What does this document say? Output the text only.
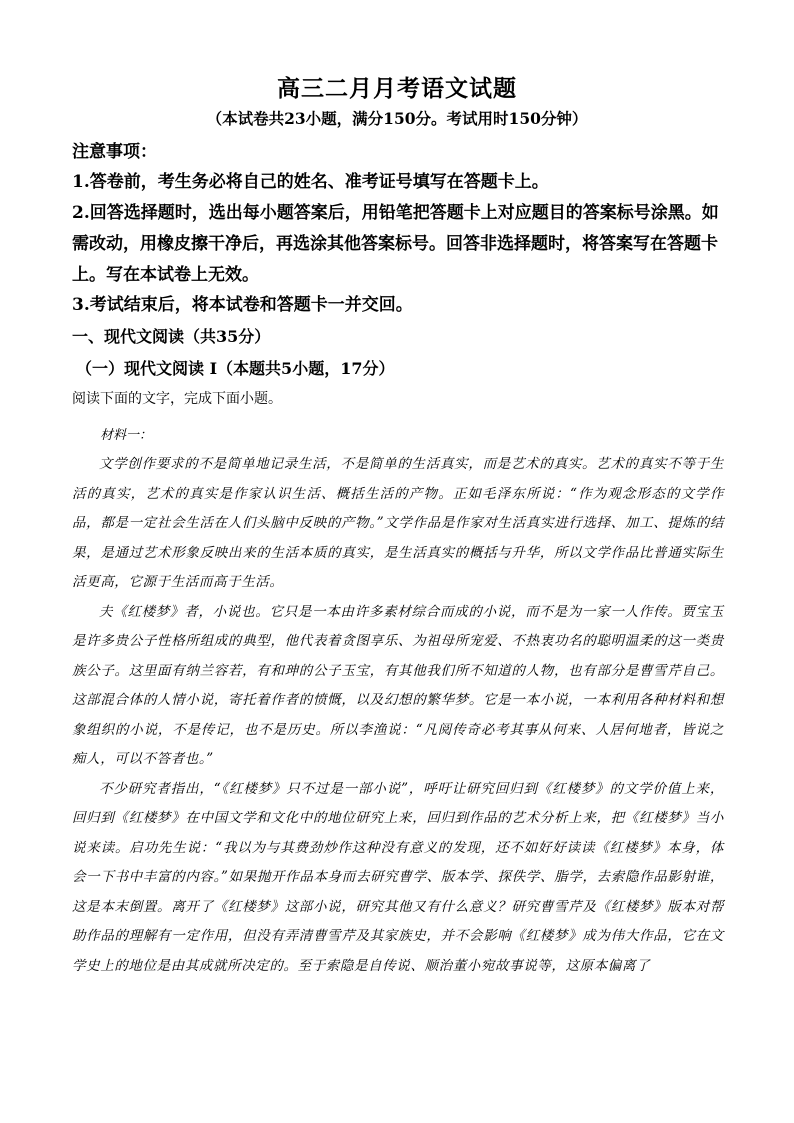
高三二月月考语文试题
（本试卷共23小题，满分150分。考试用时150分钟）
注意事项：
1.答卷前，考生务必将自己的姓名、准考证号填写在答题卡上。
2.回答选择题时，选出每小题答案后，用铅笔把答题卡上对应题目的答案标号涂黑。如需改动，用橡皮擦干净后，再选涂其他答案标号。回答非选择题时，将答案写在答题卡上。写在本试卷上无效。
3.考试结束后，将本试卷和答题卡一并交回。
一、现代文阅读（共35分）
（一）现代文阅读 I（本题共5小题，17分）
阅读下面的文字，完成下面小题。
材料一：

文学创作要求的不是简单地记录生活，不是简单的生活真实，而是艺术的真实。艺术的真实不等于生活的真实，艺术的真实是作家认识生活、概括生活的产物。正如毛泽东所说：“作为观念形态的文学作品，都是一定社会生活在人们头脑中反映的产物。”文学作品是作家对生活真实进行选择、加工、提炼的结果，是通过艺术形象反映出来的生活本质的真实，是生活真实的概括与升华，所以文学作品比普通实际生活更高，它源于生活而高于生活。

夫《红楼梦》者，小说也。它只是一本由许多素材综合而成的小说，而不是为一家一人作传。贾宝玉是许多贵公子性格所组成的典型，他代表着贪图享乐、为祖母所宠爱、不热衷功名的聪明温柔的这一类贵族公子。这里面有纳兰容若，有和珅的公子玉宝，有其他我们所不知道的人物，也有部分是曹雪芹自己。这部混合体的人情小说，寄托着作者的愤慨，以及幻想的繁华梦。它是一本小说，一本利用各种材料和想象组织的小说，不是传记，也不是历史。所以李渔说：“凡阅传奇必考其事从何来、人居何地者，皆说之痴人，可以不答者也。”

不少研究者指出，“《红楼梦》只不过是一部小说”，呼吁让研究回归到《红楼梦》的文学价值上来，回归到《红楼梦》在中国文学和文化中的地位研究上来，回归到作品的艺术分析上来，把《红楼梦》当小说来读。启功先生说：“我以为与其费劲炒作这种没有意义的发现，还不如好好读读《红楼梦》本身，体会一下书中丰富的内容。”如果抛开作品本身而去研究曹学、版本学、探佚学、脂学，去索隐作品影射谁，这是本末倒置。离开了《红楼梦》这部小说，研究其他又有什么意义？研究曹雪芹及《红楼梦》版本对帮助作品的理解有一定作用，但没有弄清曹雪芹及其家族史，并不会影响《红楼梦》成为伟大作品，它在文学史上的地位是由其成就所决定的。至于索隐是自传说、顺治董小宛故事说等，这原本偏离了
